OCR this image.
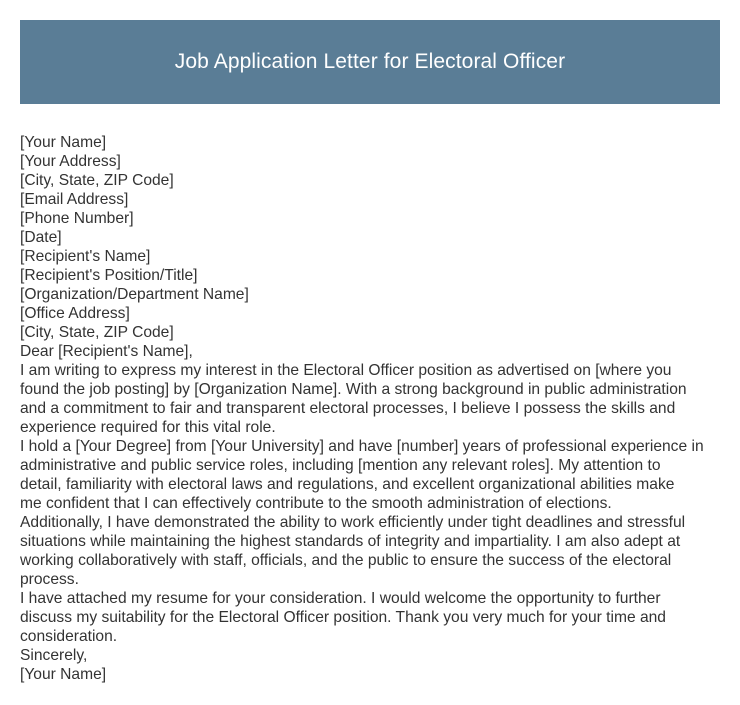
Job Application Letter for Electoral Officer
[Your Name]
[Your Address]
[City, State, ZIP Code]
[Email Address]
[Phone Number]
[Date]
[Recipient's Name]
[Recipient's Position/Title]
[Organization/Department Name]
[Office Address]
[City, State, ZIP Code]
Dear [Recipient's Name],
I am writing to express my interest in the Electoral Officer position as advertised on [where you
found the job posting] by [Organization Name]. With a strong background in public administration
and a commitment to fair and transparent electoral processes, I believe I possess the skills and
experience required for this vital role.
I hold a [Your Degree] from [Your University] and have [number] years of professional experience in
administrative and public service roles, including [mention any relevant roles]. My attention to
detail, familiarity with electoral laws and regulations, and excellent organizational abilities make
me confident that I can effectively contribute to the smooth administration of elections.
Additionally, I have demonstrated the ability to work efficiently under tight deadlines and stressful
situations while maintaining the highest standards of integrity and impartiality. I am also adept at
working collaboratively with staff, officials, and the public to ensure the success of the electoral
process.
I have attached my resume for your consideration. I would welcome the opportunity to further
discuss my suitability for the Electoral Officer position. Thank you very much for your time and
consideration.
Sincerely,
[Your Name]
